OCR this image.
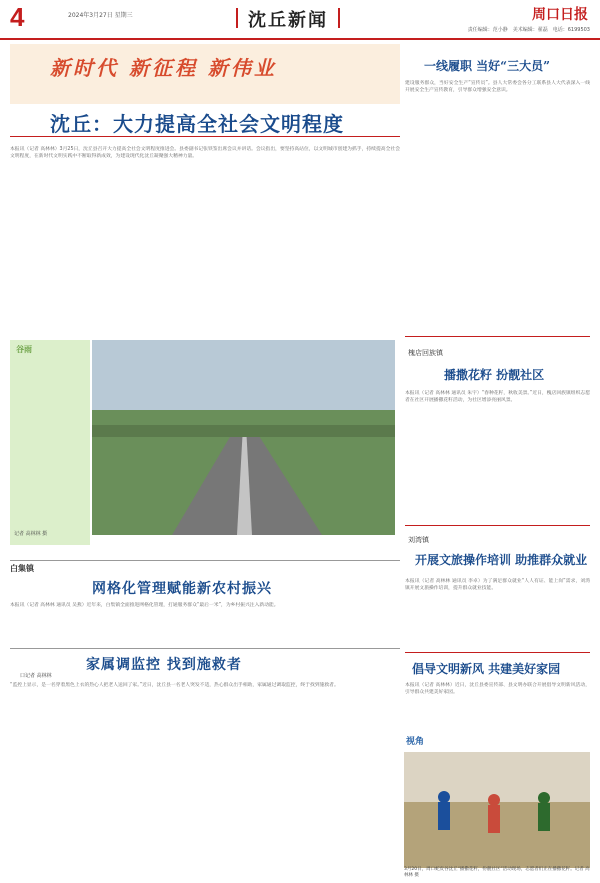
4	2024年3月27日 星期三	沈丘新闻	周口日报
责任编辑：范小静　美术编辑：翟磊　电话：6199503
新时代 新征程 新伟业
沈丘：大力提高全社会文明程度
本报讯（记者 高林林）3月25日，沈丘县召开大力提高全社会文明程度推进会。县委副书记张铁鉴出席会议并讲话。会议指出，要坚持高站位，以文明城市创建为抓手，持续提高全社会文明程度，在新时代文明实践中不断取得新成效，为建设现代化沈丘凝聚强大精神力量。
谷雨
记者 高林林 摄
一线履职 当好“三大员”
建设服务群众，当好安全生产“宣传员”。县人大常委会各分工联系县人大代表深入一线开展安全生产宣传教育，引导群众增强安全意识。
槐店回族镇
播撒花籽 扮靓社区
本报讯（记者 高林林 通讯员 朱宇）“春种花籽，秋收美景。”近日，槐店回族镇组织志愿者在社区开展播撒花籽活动，为社区增添亮丽风景。
刘湾镇
开展文旅操作培训 助推群众就业
本报讯（记者 高林林 通讯员 李卓）为了满足群众就业“人人有证、能上岗”需求，刘湾镇开展文旅操作培训，提升群众就业技能。
倡导文明新风 共建美好家园
本报讯（记者 高林林）近日，沈丘县委宣传部、县文明办联合开展倡导文明新风活动，引导群众共建美好家园。
白集镇
网格化管理赋能新农村振兴
本报讯（记者 高林林 通讯员 吴燕）近年来，白集镇全面推进网格化管理，打通服务群众“最后一米”，为乡村振兴注入新动能。
家属调监控 找到施救者
口记者 高林林
“监控上显示，是一名穿着黑色上衣的热心人把老人送回了家。”近日，沈丘县一名老人突发不适，热心群众出手相助，家属通过调取监控，终于找到施救者。
视角
3月20日，周口蛇皮谷沈丘“播撒花籽，扮靓社区”活动现场，志愿者们正在播撒花籽。记者 高林林 摄
